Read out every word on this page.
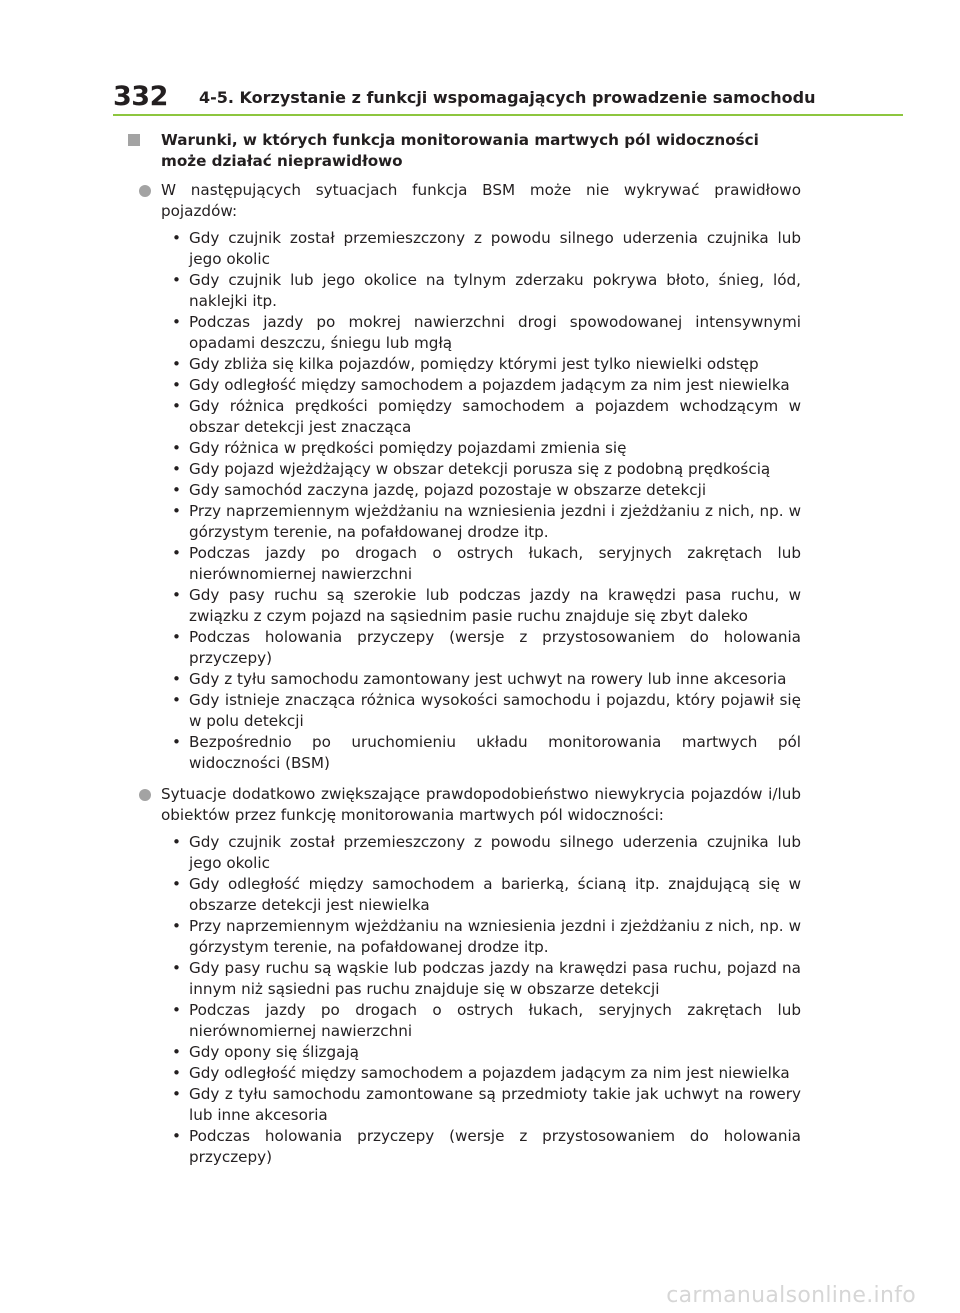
332 4-5. Korzystanie z funkcji wspomagających prowadzenie samochodu
Warunki, w których funkcja monitorowania martwych pól widoczności może działać nieprawidłowo
W następujących sytuacjach funkcja BSM może nie wykrywać prawidłowo pojazdów:
• Gdy czujnik został przemieszczony z powodu silnego uderzenia czujnika lub jego okolic
• Gdy czujnik lub jego okolice na tylnym zderzaku pokrywa błoto, śnieg, lód, naklejki itp.
• Podczas jazdy po mokrej nawierzchni drogi spowodowanej intensywnymi opadami deszczu, śniegu lub mgłą
• Gdy zbliża się kilka pojazdów, pomiędzy którymi jest tylko niewielki odstęp
• Gdy odległość między samochodem a pojazdem jadącym za nim jest niewielka
• Gdy różnica prędkości pomiędzy samochodem a pojazdem wchodzącym w obszar detekcji jest znacząca
• Gdy różnica w prędkości pomiędzy pojazdami zmienia się
• Gdy pojazd wjeżdżający w obszar detekcji porusza się z podobną prędkością
• Gdy samochód zaczyna jazdę, pojazd pozostaje w obszarze detekcji
• Przy naprzemiennym wjeżdżaniu na wzniesienia jezdni i zjeżdżaniu z nich, np. w górzystym terenie, na pofałdowanej drodze itp.
• Podczas jazdy po drogach o ostrych łukach, seryjnych zakrętach lub nierównomiernej nawierzchni
• Gdy pasy ruchu są szerokie lub podczas jazdy na krawędzi pasa ruchu, w związku z czym pojazd na sąsiednim pasie ruchu znajduje się zbyt daleko
• Podczas holowania przyczepy (wersje z przystosowaniem do holowania przyczepy)
• Gdy z tyłu samochodu zamontowany jest uchwyt na rowery lub inne akcesoria
• Gdy istnieje znacząca różnica wysokości samochodu i pojazdu, który pojawił się w polu detekcji
• Bezpośrednio po uruchomieniu układu monitorowania martwych pól widoczności (BSM)
Sytuacje dodatkowo zwiększające prawdopodobieństwo niewykrycia pojazdów i/lub obiektów przez funkcję monitorowania martwych pól widoczności:
• Gdy czujnik został przemieszczony z powodu silnego uderzenia czujnika lub jego okolic
• Gdy odległość między samochodem a barierką, ścianą itp. znajdującą się w obszarze detekcji jest niewielka
• Przy naprzemiennym wjeżdżaniu na wzniesienia jezdni i zjeżdżaniu z nich, np. w górzystym terenie, na pofałdowanej drodze itp.
• Gdy pasy ruchu są wąskie lub podczas jazdy na krawędzi pasa ruchu, pojazd na innym niż sąsiedni pas ruchu znajduje się w obszarze detekcji
• Podczas jazdy po drogach o ostrych łukach, seryjnych zakrętach lub nierównomiernej nawierzchni
• Gdy opony się ślizgają
• Gdy odległość między samochodem a pojazdem jadącym za nim jest niewielka
• Gdy z tyłu samochodu zamontowane są przedmioty takie jak uchwyt na rowery lub inne akcesoria
• Podczas holowania przyczepy (wersje z przystosowaniem do holowania przyczepy)
carmanualsonline.info
